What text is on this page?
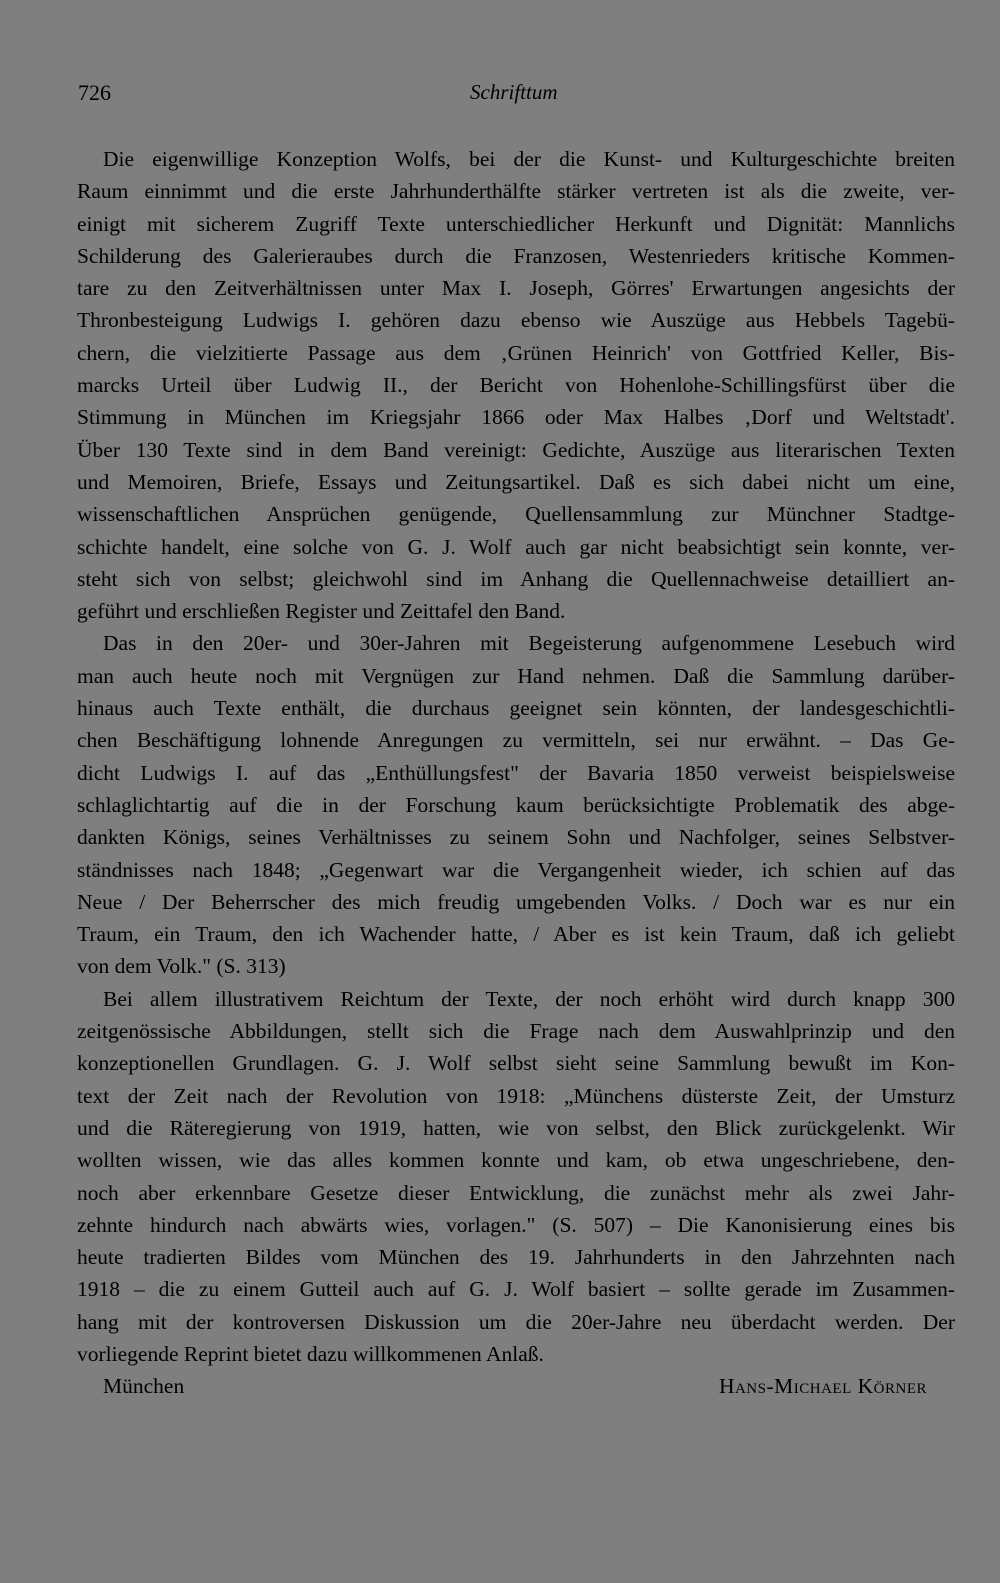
726	Schrifttum
Die eigenwillige Konzeption Wolfs, bei der die Kunst- und Kulturgeschichte breiten
Raum einnimmt und die erste Jahrhunderthälfte stärker vertreten ist als die zweite, ver-
einigt mit sicherem Zugriff Texte unterschiedlicher Herkunft und Dignität: Mannlichs
Schilderung des Galerieraubes durch die Franzosen, Westenrieders kritische Kommen-
tare zu den Zeitverhältnissen unter Max I. Joseph, Görres' Erwartungen angesichts der
Thronbesteigung Ludwigs I. gehören dazu ebenso wie Auszüge aus Hebbels Tagebü-
chern, die vielzitierte Passage aus dem ‚Grünen Heinrich' von Gottfried Keller, Bis-
marcks Urteil über Ludwig II., der Bericht von Hohenlohe-Schillingsfürst über die
Stimmung in München im Kriegsjahr 1866 oder Max Halbes ‚Dorf und Weltstadt'.
Über 130 Texte sind in dem Band vereinigt: Gedichte, Auszüge aus literarischen Texten
und Memoiren, Briefe, Essays und Zeitungsartikel. Daß es sich dabei nicht um eine,
wissenschaftlichen Ansprüchen genügende, Quellensammlung zur Münchner Stadtge-
schichte handelt, eine solche von G. J. Wolf auch gar nicht beabsichtigt sein konnte, ver-
steht sich von selbst; gleichwohl sind im Anhang die Quellennachweise detailliert an-
geführt und erschließen Register und Zeittafel den Band.
Das in den 20er- und 30er-Jahren mit Begeisterung aufgenommene Lesebuch wird
man auch heute noch mit Vergnügen zur Hand nehmen. Daß die Sammlung darüber-
hinaus auch Texte enthält, die durchaus geeignet sein könnten, der landesgeschichtli-
chen Beschäftigung lohnende Anregungen zu vermitteln, sei nur erwähnt. – Das Ge-
dicht Ludwigs I. auf das „Enthüllungsfest" der Bavaria 1850 verweist beispielsweise
schlaglichtartig auf die in der Forschung kaum berücksichtigte Problematik des abge-
dankten Königs, seines Verhältnisses zu seinem Sohn und Nachfolger, seines Selbstver-
ständnisses nach 1848; „Gegenwart war die Vergangenheit wieder, ich schien auf das
Neue / Der Beherrscher des mich freudig umgebenden Volks. / Doch war es nur ein
Traum, ein Traum, den ich Wachender hatte, / Aber es ist kein Traum, daß ich geliebt
von dem Volk." (S. 313)
Bei allem illustrativem Reichtum der Texte, der noch erhöht wird durch knapp 300
zeitgenössische Abbildungen, stellt sich die Frage nach dem Auswahlprinzip und den
konzeptionellen Grundlagen. G. J. Wolf selbst sieht seine Sammlung bewußt im Kon-
text der Zeit nach der Revolution von 1918: „Münchens düsterste Zeit, der Umsturz
und die Räteregierung von 1919, hatten, wie von selbst, den Blick zurückgelenkt. Wir
wollten wissen, wie das alles kommen konnte und kam, ob etwa ungeschriebene, den-
noch aber erkennbare Gesetze dieser Entwicklung, die zunächst mehr als zwei Jahr-
zehnte hindurch nach abwärts wies, vorlagen." (S. 507) – Die Kanonisierung eines bis
heute tradierten Bildes vom München des 19. Jahrhunderts in den Jahrzehnten nach
1918 – die zu einem Gutteil auch auf G. J. Wolf basiert – sollte gerade im Zusammen-
hang mit der kontroversen Diskussion um die 20er-Jahre neu überdacht werden. Der
vorliegende Reprint bietet dazu willkommenen Anlaß.
München	Hans-Michael Körner
